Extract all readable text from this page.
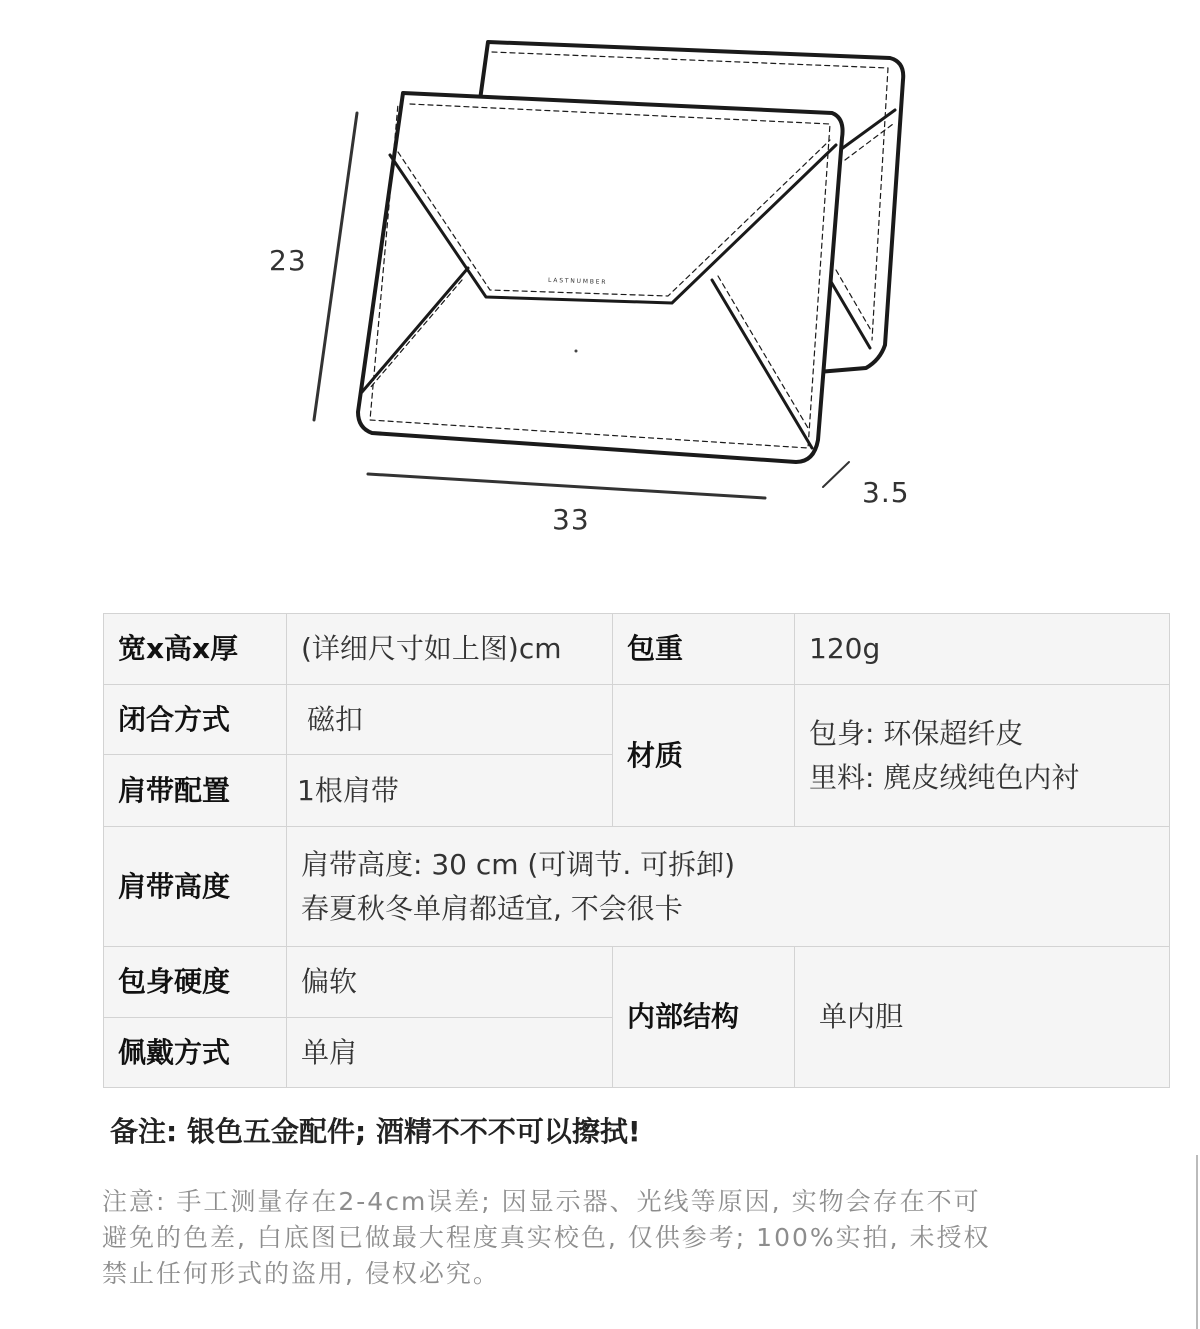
LASTNUMBER
23
33
3.5
宽x高x厚	(详细尺寸如上图)cm	包重	120g
闭合方式	磁扣	材质	包身: 环保超纤皮
里料: 麂皮绒纯色内衬

肩带配置	1根肩带		
肩带高度	肩带高度: 30 cm (可调节. 可拆卸)
春夏秋冬单肩都适宜, 不会很卡		

包身硬度	偏软	内部结构	单内胆
佩戴方式	单肩		
备注: 银色五金配件; 酒精不不不可以擦拭!
注意: 手工测量存在2-4cm误差; 因显示器、光线等原因, 实物会存在不可
避免的色差, 白底图已做最大程度真实校色, 仅供参考; 100%实拍, 未授权
禁止任何形式的盗用, 侵权必究。
